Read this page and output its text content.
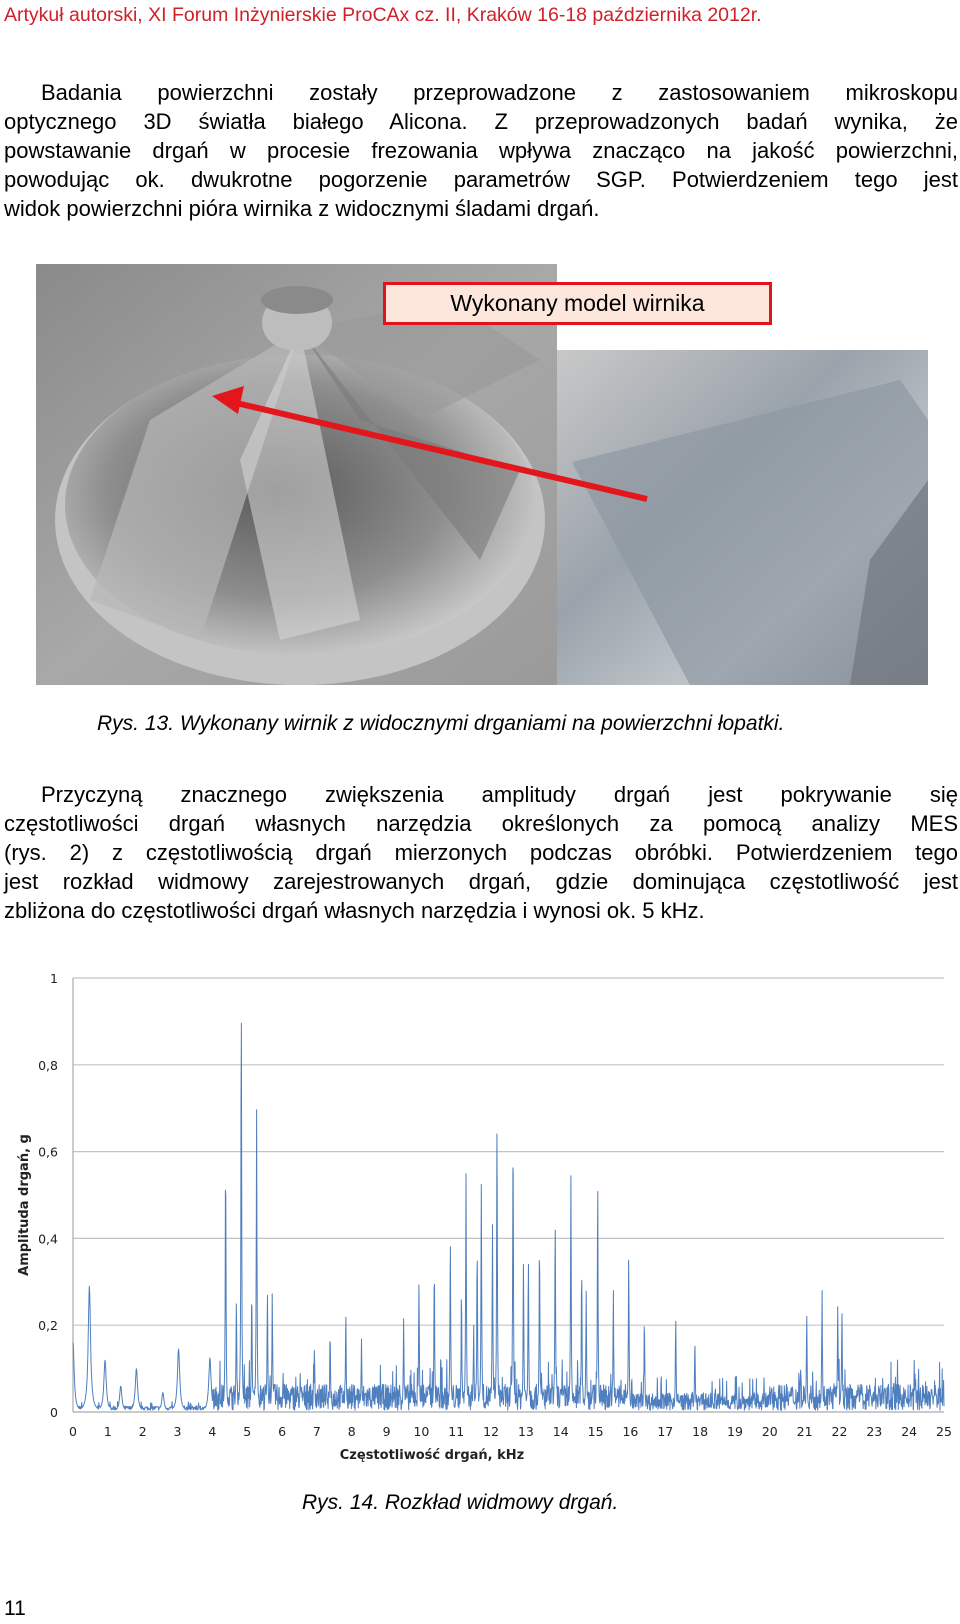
Artykuł autorski, XI Forum Inżynierskie ProCAx cz. II, Kraków 16-18 października 2012r.
Badania powierzchni zostały przeprowadzone z zastosowaniem mikroskopu
optycznego 3D światła białego Alicona. Z przeprowadzonych badań wynika, że
powstawanie drgań w procesie frezowania wpływa znacząco na jakość powierzchni,
powodując ok. dwukrotne pogorzenie parametrów SGP. Potwierdzeniem tego jest
widok powierzchni pióra wirnika z widocznymi śladami drgań.
Wykonany model wirnika
Rys. 13. Wykonany wirnik z widocznymi drganiami na powierzchni łopatki.
Przyczyną znacznego zwiększenia amplitudy drgań jest pokrywanie się
częstotliwości drgań własnych narzędzia określonych za pomocą analizy MES
(rys. 2) z częstotliwością drgań mierzonych podczas obróbki. Potwierdzeniem tego
jest rozkład widmowy zarejestrowanych drgań, gdzie dominująca częstotliwość jest
zbliżona do częstotliwości drgań własnych narzędzia i wynosi ok. 5 kHz.
0
0,2
0,4
0,6
0,8
1
0 1 2 3 4 5 6 7 8 9 10 11 12 13 14 15 16 17 18 19 20 21 22 23 24 25
Częstotliwość drgań, kHz
Amplituda drgań, g
Rys. 14. Rozkład widmowy drgań.
11
